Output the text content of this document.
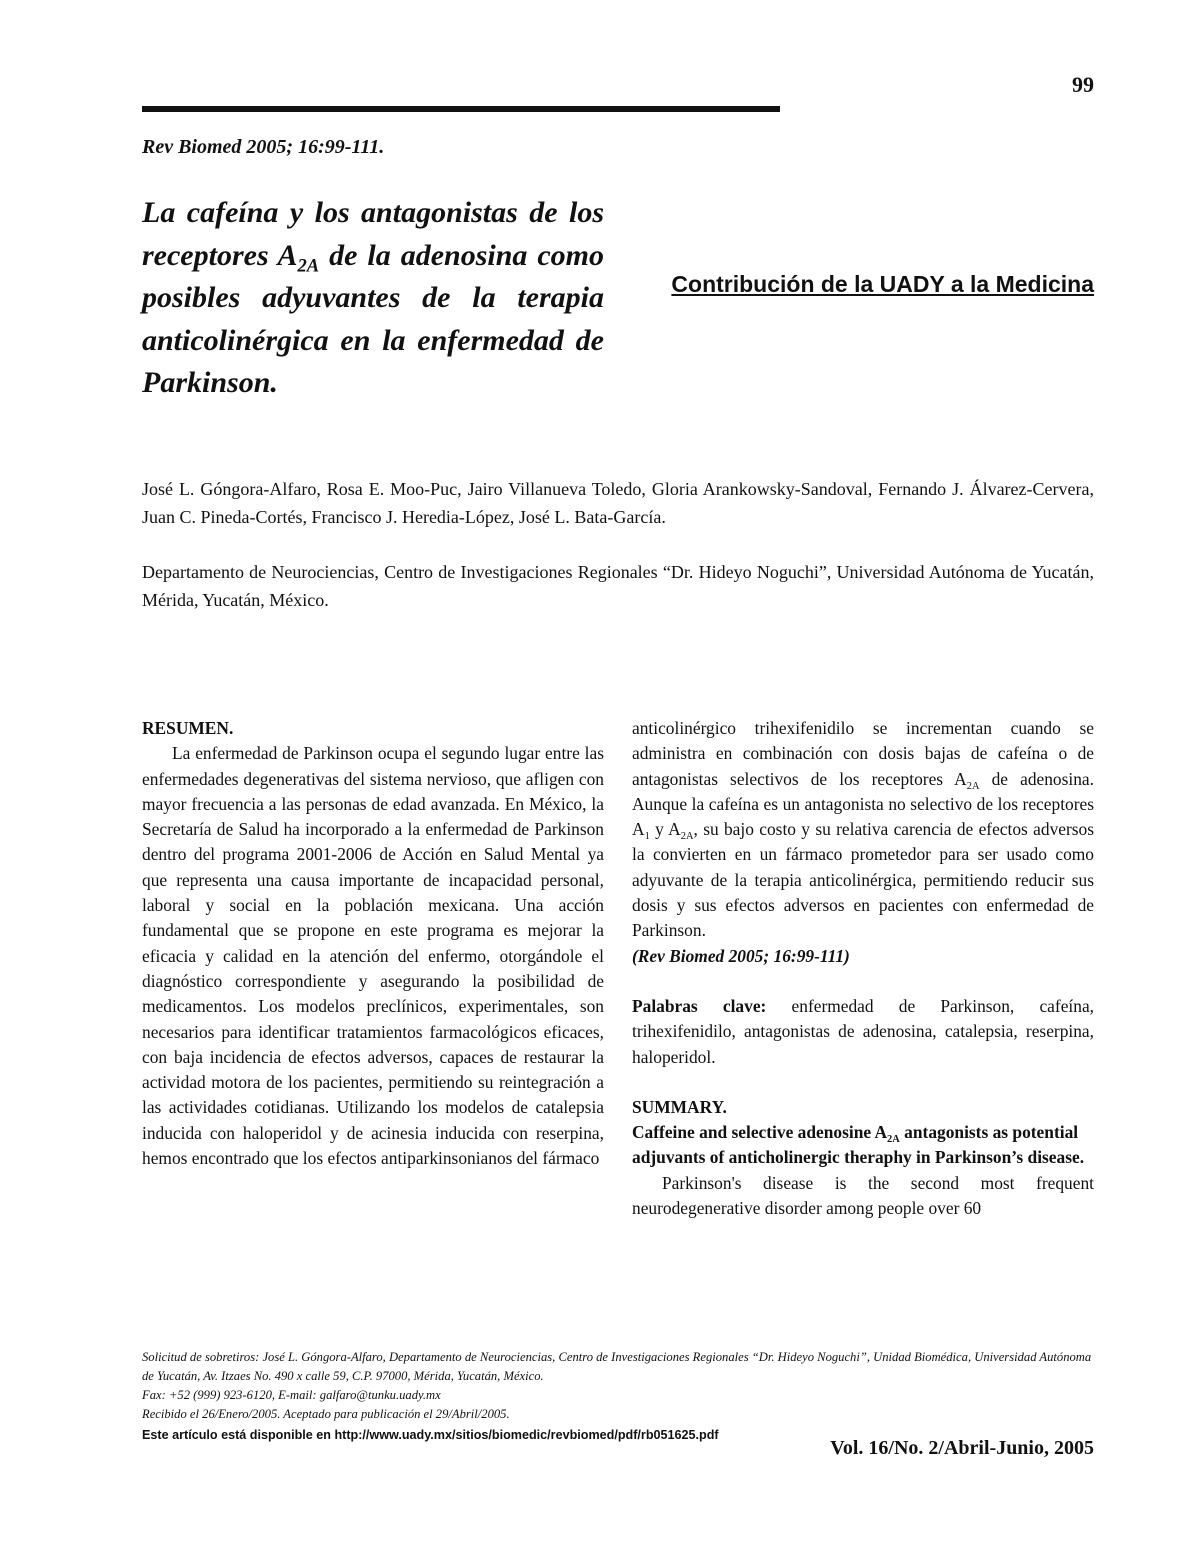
99
Rev Biomed 2005; 16:99-111.
La cafeína y los antagonistas de los receptores $A_{2A}$ de la adenosina como posibles adyuvantes de la terapia anticolinérgica en la enfermedad de Parkinson.
Contribución de la UADY a la Medicina
José L. Góngora-Alfaro, Rosa E. Moo-Puc, Jairo Villanueva Toledo, Gloria Arankowsky-Sandoval, Fernando J. Álvarez-Cervera, Juan C. Pineda-Cortés, Francisco J. Heredia-López, José L. Bata-García.
Departamento de Neurociencias, Centro de Investigaciones Regionales “Dr. Hideyo Noguchi”, Universidad Autónoma de Yucatán, Mérida, Yucatán, México.
RESUMEN.
La enfermedad de Parkinson ocupa el segundo lugar entre las enfermedades degenerativas del sistema nervioso, que afligen con mayor frecuencia a las personas de edad avanzada. En México, la Secretaría de Salud ha incorporado a la enfermedad de Parkinson dentro del programa 2001-2006 de Acción en Salud Mental ya que representa una causa importante de incapacidad personal, laboral y social en la población mexicana. Una acción fundamental que se propone en este programa es mejorar la eficacia y calidad en la atención del enfermo, otorgándole el diagnóstico correspondiente y asegurando la posibilidad de medicamentos. Los modelos preclínicos, experimentales, son necesarios para identificar tratamientos farmacológicos eficaces, con baja incidencia de efectos adversos, capaces de restaurar la actividad motora de los pacientes, permitiendo su reintegración a las actividades cotidianas. Utilizando los modelos de catalepsia inducida con haloperidol y de acinesia inducida con reserpina, hemos encontrado que los efectos antiparkinsonianos del fármaco
anticolinérgico trihexifenidilo se incrementan cuando se administra en combinación con dosis bajas de cafeína o de antagonistas selectivos de los receptores $A_{2A}$ de adenosina. Aunque la cafeína es un antagonista no selectivo de los receptores $A_1$ y $A_{2A}$, su bajo costo y su relativa carencia de efectos adversos la convierten en un fármaco prometedor para ser usado como adyuvante de la terapia anticolinérgica, permitiendo reducir sus dosis y sus efectos adversos en pacientes con enfermedad de Parkinson.
(Rev Biomed 2005; 16:99-111)
Palabras clave: enfermedad de Parkinson, cafeína, trihexifenidilo, antagonistas de adenosina, catalepsia, reserpina, haloperidol.
SUMMARY.
Caffeine and selective adenosine $A_{2A}$ antagonists as potential adjuvants of anticholinergic theraphy in Parkinson’s disease.
Parkinson's disease is the second most frequent neurodegenerative disorder among people over 60
Solicitud de sobretiros: José L. Góngora-Alfaro, Departamento de Neurociencias, Centro de Investigaciones Regionales “Dr. Hideyo Noguchi”, Unidad Biomédica, Universidad Autónoma de Yucatán, Av. Itzaes No. 490 x calle 59, C.P. 97000, Mérida, Yucatán, México.
Fax: +52 (999) 923-6120, E-mail: galfaro@tunku.uady.mx
Recibido el 26/Enero/2005. Aceptado para publicación el 29/Abril/2005.
Este artículo está disponible en http://www.uady.mx/sitios/biomedic/revbiomed/pdf/rb051625.pdf
Vol. 16/No. 2/Abril-Junio, 2005
